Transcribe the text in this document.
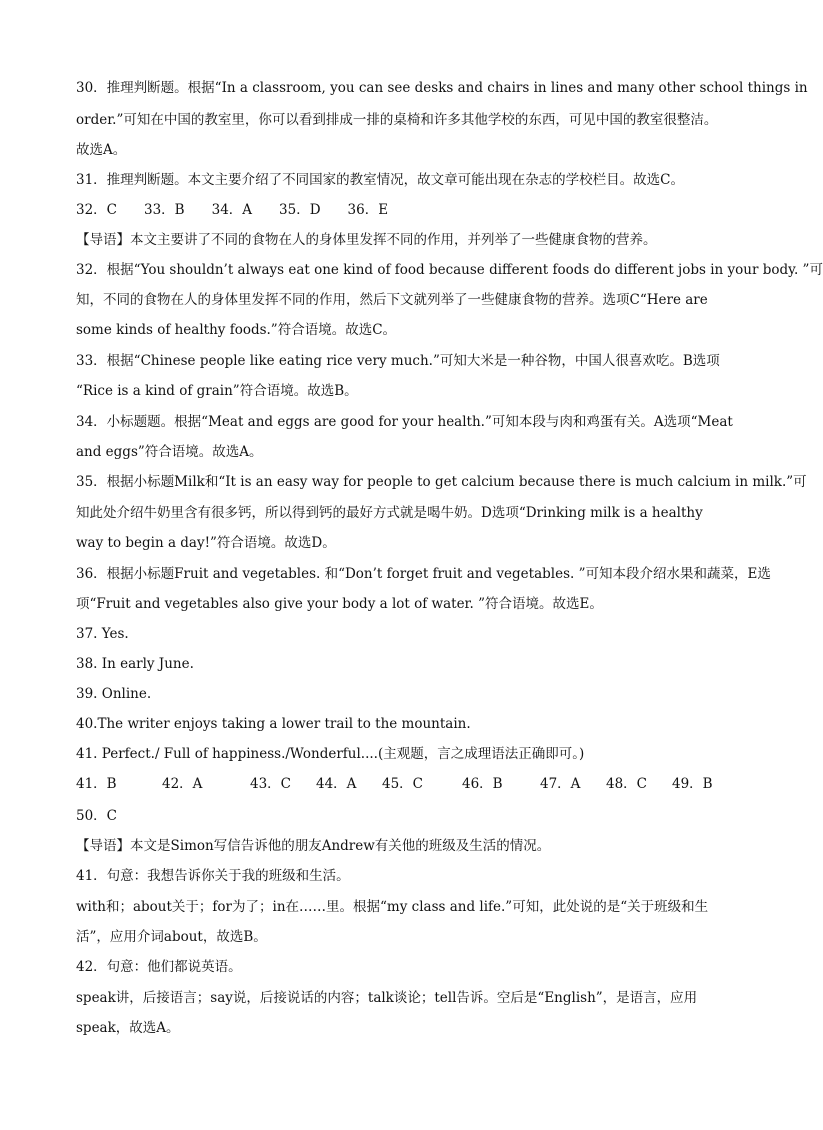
30．推理判断题。根据“In a classroom, you can see desks and chairs in lines and many other school things in
order.”可知在中国的教室里，你可以看到排成一排的桌椅和许多其他学校的东西，可见中国的教室很整洁。
故选A。
31．推理判断题。本文主要介绍了不同国家的教室情况，故文章可能出现在杂志的学校栏目。故选C。
32．C　　33．B　　34．A　　35．D　　36．E
【导语】本文主要讲了不同的食物在人的身体里发挥不同的作用，并列举了一些健康食物的营养。
32．根据“You shouldn’t always eat one kind of food because different foods do different jobs in your body. ”可
知，不同的食物在人的身体里发挥不同的作用，然后下文就列举了一些健康食物的营养。选项C“Here are
some kinds of healthy foods.”符合语境。故选C。
33．根据“Chinese people like eating rice very much.”可知大米是一种谷物，中国人很喜欢吃。B选项
“Rice is a kind of grain”符合语境。故选B。
34．小标题题。根据“Meat and eggs are good for your health.”可知本段与肉和鸡蛋有关。A选项“Meat
and eggs”符合语境。故选A。
35．根据小标题Milk和“It is an easy way for people to get calcium because there is much calcium in milk.”可
知此处介绍牛奶里含有很多钙，所以得到钙的最好方式就是喝牛奶。D选项“Drinking milk is a healthy
way to begin a day!”符合语境。故选D。
36．根据小标题Fruit and vegetables. 和“Don’t forget fruit and vegetables. ”可知本段介绍水果和蔬菜，E选
项“Fruit and vegetables also give your body a lot of water. ”符合语境。故选E。
37. Yes.
38. In early June.
39. Online.
40.The writer enjoys taking a lower trail to the mountain.
41. Perfect./ Full of happiness./Wonderful....(主观题，言之成理语法正确即可。)
41．B	42．A	43．C 44．A 45．C	46．B	47．A 48．C 49．B
50．C
【导语】本文是Simon写信告诉他的朋友Andrew有关他的班级及生活的情况。
41．句意：我想告诉你关于我的班级和生活。
with和；about关于；for为了；in在……里。根据“my class and life.”可知，此处说的是“关于班级和生
活”，应用介词about，故选B。
42．句意：他们都说英语。
speak讲，后接语言；say说，后接说话的内容；talk谈论；tell告诉。空后是“English”，是语言，应用
speak，故选A。
